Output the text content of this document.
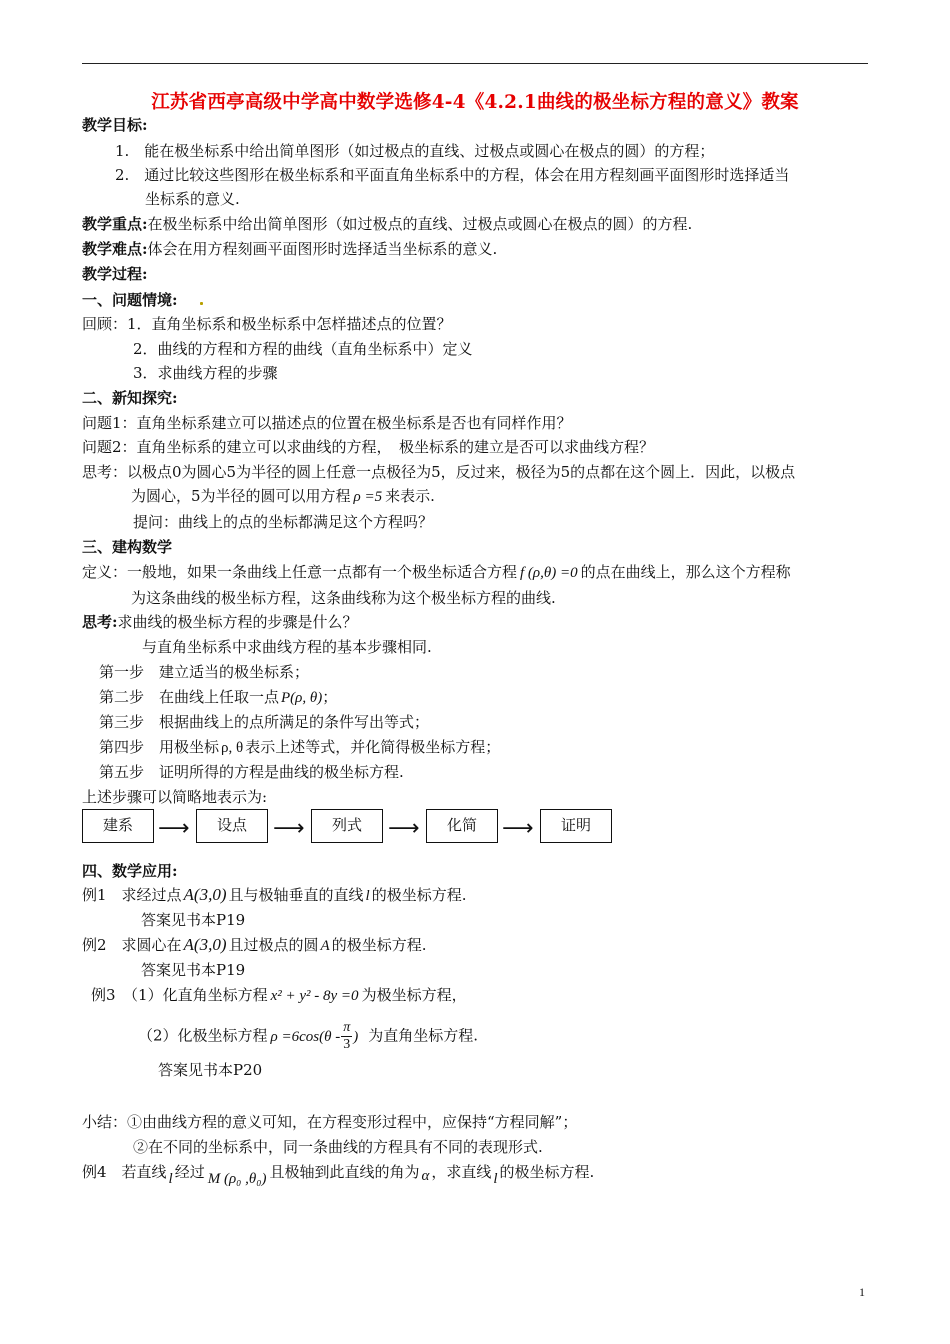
江苏省西亭高级中学高中数学选修4-4《4.2.1曲线的极坐标方程的意义》教案
教学目标:
1.　能在极坐标系中给出简单图形（如过极点的直线、过极点或圆心在极点的圆）的方程；
2.　通过比较这些图形在极坐标系和平面直角坐标系中的方程，体会在用方程刻画平面图形时选择适当
坐标系的意义.
教学重点:在极坐标系中给出简单图形（如过极点的直线、过极点或圆心在极点的圆）的方程.
教学难点:体会在用方程刻画平面图形时选择适当坐标系的意义.
教学过程:
一、问题情境:
回顾：1．直角坐标系和极坐标系中怎样描述点的位置？
2．曲线的方程和方程的曲线（直角坐标系中）定义
3．求曲线方程的步骤
二、新知探究:
问题1：直角坐标系建立可以描述点的位置在极坐标系是否也有同样作用？
问题2：直角坐标系的建立可以求曲线的方程，　极坐标系的建立是否可以求曲线方程？
思考：以极点0为圆心5为半径的圆上任意一点极径为5，反过来，极径为5的点都在这个圆上．因此，以极点
为圆心，5为半径的圆可以用方程 ρ =5 来表示.
提问：曲线上的点的坐标都满足这个方程吗？
三、建构数学
定义：一般地，如果一条曲线上任意一点都有一个极坐标适合方程 f (ρ,θ) =0 的点在曲线上，那么这个方程称
为这条曲线的极坐标方程，这条曲线称为这个极坐标方程的曲线.
思考:求曲线的极坐标方程的步骤是什么？
与直角坐标系中求曲线方程的基本步骤相同.
第一步　建立适当的极坐标系；
第二步　在曲线上任取一点 P(ρ, θ)；
第三步　根据曲线上的点所满足的条件写出等式；
第四步　用极坐标 ρ, θ 表示上述等式，并化简得极坐标方程；
第五步　证明所得的方程是曲线的极坐标方程.
上述步骤可以简略地表示为:
建系	⟶	设点	⟶	列式	⟶	化简	⟶	证明
四、数学应用:
例1　求经过点 A(3,0) 且与极轴垂直的直线 l 的极坐标方程.
答案见书本P19
例2　求圆心在 A(3,0) 且过极点的圆 A 的极坐标方程.
答案见书本P19
例3　（1）化直角坐标方程 x² + y² - 8y =0 为极坐标方程，
（2）化极坐标方程 $\rho =6\cos(\theta - \frac{\pi}{3}$ ) 为直角坐标方程.
答案见书本P20
小结：①由曲线方程的意义可知，在方程变形过程中，应保持“方程同解”；
②在不同的坐标系中，同一条曲线的方程具有不同的表现形式.
例4　若直线 l 经过 M (ρ₀ ,θ₀) 且极轴到此直线的角为 α ，求直线 l 的极坐标方程.
1
